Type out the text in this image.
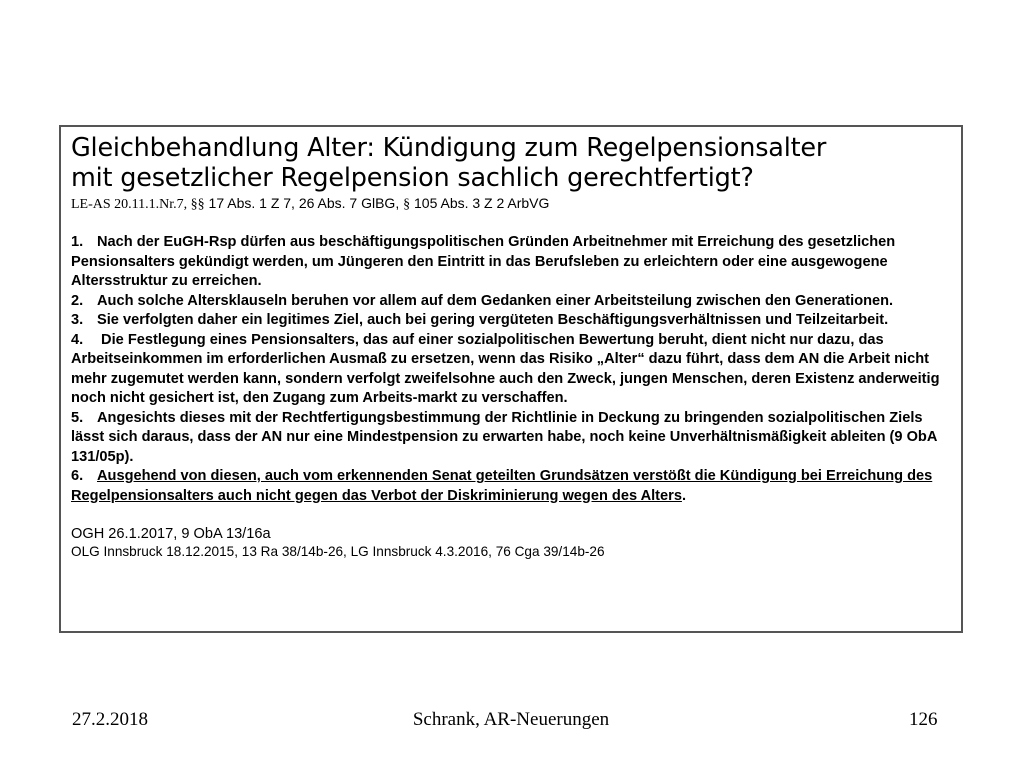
Gleichbehandlung Alter: Kündigung zum Regelpensionsalter
mit gesetzlicher Regelpension sachlich gerechtfertigt?
LE-AS 20.11.1.Nr.7, §§ 17 Abs. 1 Z 7, 26 Abs. 7 GlBG, § 105 Abs. 3 Z 2 ArbVG

1. Nach der EuGH-Rsp dürfen aus beschäftigungspolitischen Gründen Arbeitnehmer mit Erreichung des gesetzlichen Pensionsalters gekündigt werden, um Jüngeren den Eintritt in das Berufsleben zu erleichtern oder eine ausgewogene Altersstruktur zu erreichen.

2. Auch solche Altersklauseln beruhen vor allem auf dem Gedanken einer Arbeitsteilung zwischen den Generationen.

3. Sie verfolgten daher ein legitimes Ziel, auch bei gering vergüteten Beschäftigungsverhältnissen und Teilzeitarbeit.

4. Die Festlegung eines Pensionsalters, das auf einer sozialpolitischen Bewertung beruht, dient nicht nur dazu, das Arbeitseinkommen im erforderlichen Ausmaß zu ersetzen, wenn das Risiko „Alter“ dazu führt, dass dem AN die Arbeit nicht mehr zugemutet werden kann, sondern verfolgt zweifelsohne auch den Zweck, jungen Menschen, deren Existenz anderweitig noch nicht gesichert ist, den Zugang zum Arbeits-markt zu verschaffen.

5. Angesichts dieses mit der Rechtfertigungsbestimmung der Richtlinie in Deckung zu bringenden sozialpolitischen Ziels lässt sich daraus, dass der AN nur eine Mindestpension zu erwarten habe, noch keine Unverhältnismäßigkeit ableiten (9 ObA 131/05p).

6. Ausgehend von diesen, auch vom erkennenden Senat geteilten Grundsätzen verstößt die Kündigung bei Erreichung des Regelpensionsalters auch nicht gegen das Verbot der Diskriminierung wegen des Alters.

OGH 26.1.2017, 9 ObA 13/16a

OLG Innsbruck 18.12.2015, 13 Ra 38/14b-26, LG Innsbruck 4.3.2016, 76 Cga 39/14b-26

27.2.2018	Schrank, AR-Neuerungen	126
